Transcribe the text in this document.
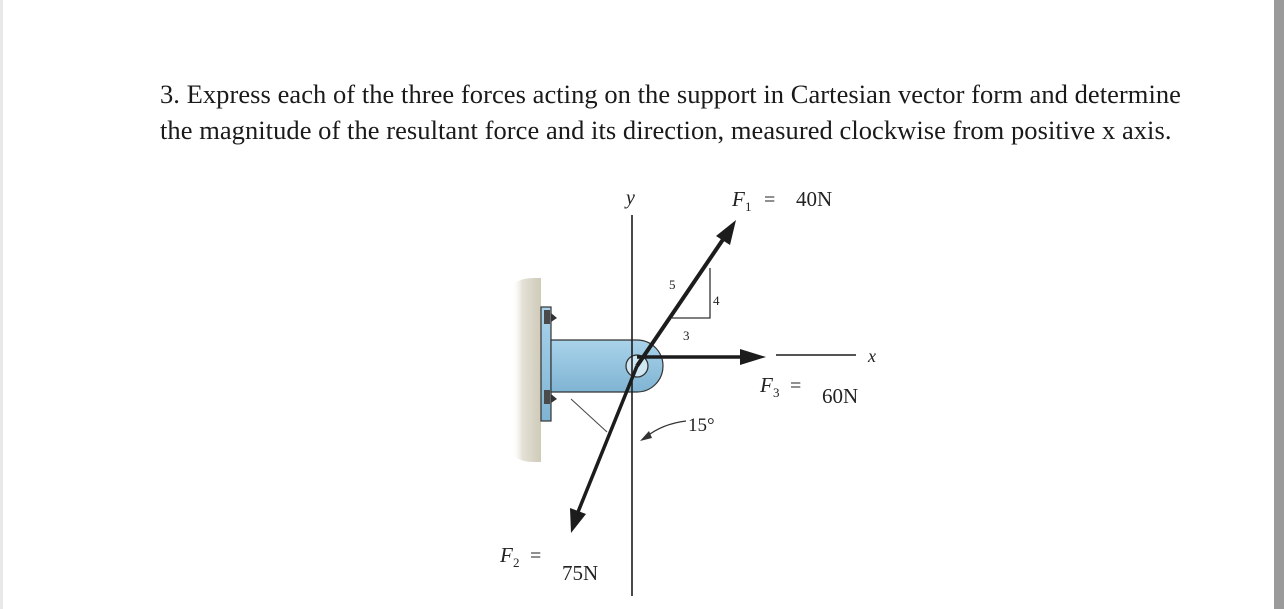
3. Express each of the three forces acting on the support in Cartesian vector form and determine

the magnitude of the resultant force and its direction, measured clockwise from positive x axis.

y
x
5
4
3
15°
F 1 = 40N
F 3 = 60N
F 2 =
75N
